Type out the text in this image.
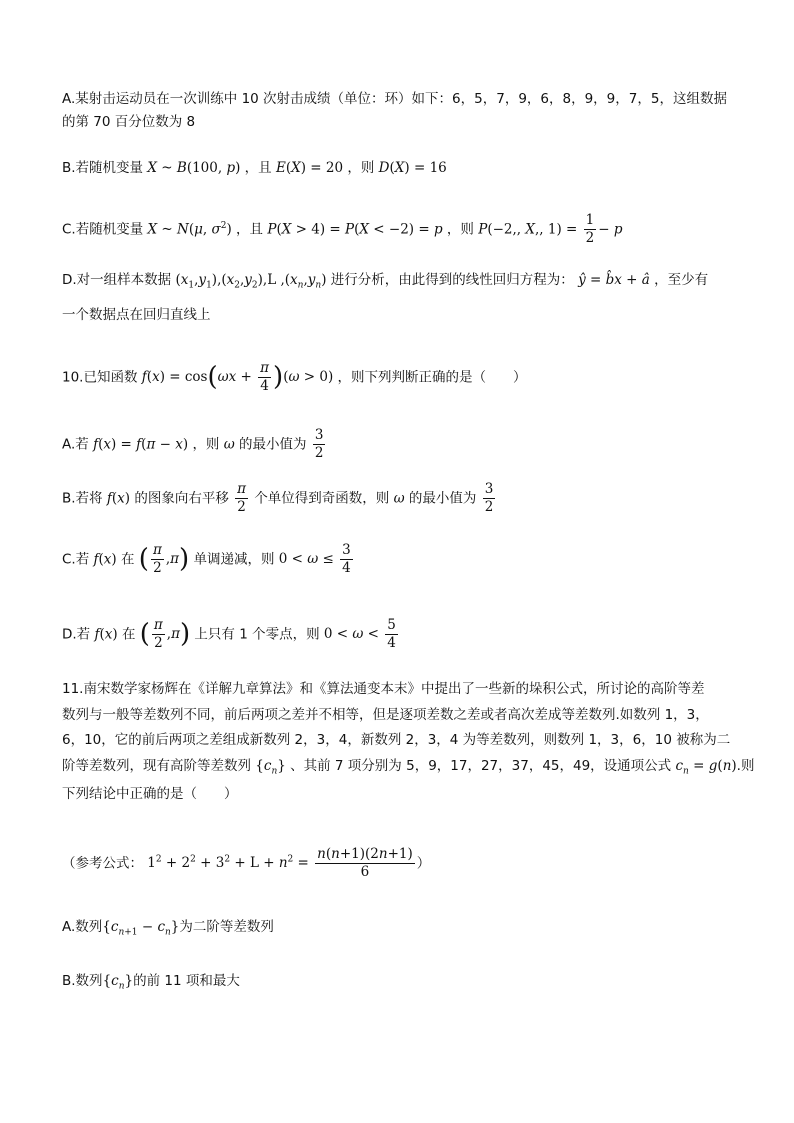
A.某射击运动员在一次训练中 10 次射击成绩（单位：环）如下：6，5，7，9，6，8，9，9，7，5，这组数据
的第 70 百分位数为 8
B.若随机变量 X ~ B(100, p) ，且 E(X) = 20 ，则 D(X) = 16
C.若随机变量 X ~ N(μ, $\sigma^2$) ，且 P(X > 4) = P(X < −2) = p ，则 P(−2,, X,, $1) = \frac{1}{2} - p$
D.对一组样本数据 $(x_1,y_1),(x_2,y_2),L$ $,(x_n,y_n)$ 进行分析，由此得到的线性回归方程为： ŷ = b̂x + â ，至少有
一个数据点在回归直线上
10.已知函数 $f(x) = \cos(\omega x + \frac{\pi}{4} )(\omega > 0)$ ，则下列判断正确的是（　　）
A.若 f(x) = f(π − x) ，则 ω 的最小值为 $\frac{3}{2}$
B.若将 f(x) 的图象向右平移 $\frac{\pi}{2}$ 个单位得到奇函数，则 ω 的最小值为 $\frac{3}{2}$
C.若 f(x) 在 ( $\frac{\pi}{2} ,\pi$) 单调递减，则 $0 < \omega \le \frac{3}{4}$
D.若 f(x) 在 ( $\frac{\pi}{2} ,\pi$) 上只有 1 个零点，则 $0 < \omega < \frac{5}{4}$
11.南宋数学家杨辉在《详解九章算法》和《算法通变本末》中提出了一些新的垛积公式，所讨论的高阶等差
数列与一般等差数列不同，前后两项之差并不相等，但是逐项差数之差或者高次差成等差数列.如数列 1，3，
6，10，它的前后两项之差组成新数列 2，3，4，新数列 2，3，4 为等差数列，则数列 1，3，6，10 被称为二
阶等差数列，现有高阶等差数列 $\{c_n\}$ 、其前 7 项分别为 5，9，17，27，37，45，49，设通项公式 $c_n = g(n)$.则
下列结论中正确的是（　　）
（参考公式： $1^2 + 2^2 + 3^2 + L + n^2 = \frac{n(n+1)(2n+1)}{6}$ ）
A.数列$\{c_{n+1} - c_n\}$为二阶等差数列
B.数列$\{c_n\}$的前 11 项和最大
